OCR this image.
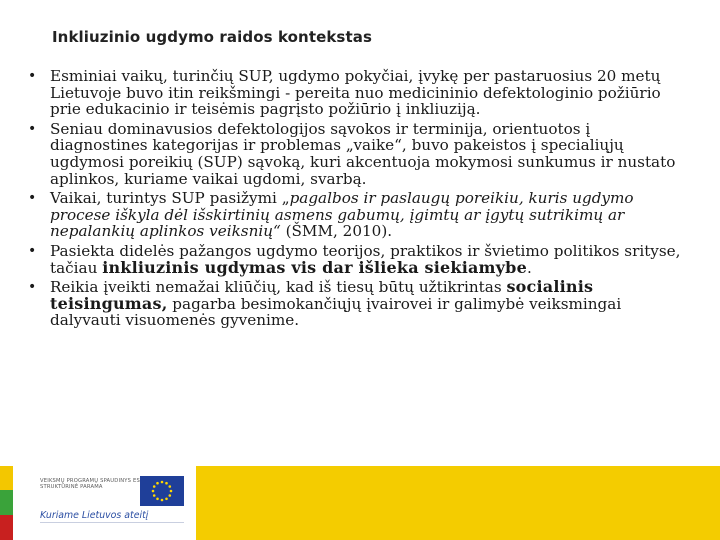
Inkliuzinio ugdymo raidos kontekstas
• Esminiai vaikų, turinčių SUP, ugdymo pokyčiai, įvykę per pastaruosius 20 metų Lietuvoje buvo itin reikšmingi - pereita nuo medicininio defektologinio požiūrio prie edukacinio ir teisėmis pagrįsto požiūrio į inkliuziją.
• Seniau dominavusios defektologijos sąvokos ir terminija, orientuotos į diagnostines kategorijas ir problemas „vaike“, buvo pakeistos į specialiųjų ugdymosi poreikių (SUP) sąvoką, kuri akcentuoja mokymosi sunkumus ir nustato aplinkos, kuriame vaikai ugdomi, svarbą.
• Vaikai, turintys SUP pasižymi „pagalbos ir paslaugų poreikiu, kuris ugdymo procese iškyla dėl išskirtinių asmens gabumų, įgimtų ar įgytų sutrikimų ar nepalankių aplinkos veiksnių“ (ŠMM, 2010).
• Pasiekta didelės pažangos ugdymo teorijos, praktikos ir švietimo politikos srityse, tačiau inkliuzinis ugdymas vis dar išlieka siekiamybe.
• Reikia įveikti nemažai kliūčių, kad iš tiesų būtų užtikrintas socialinis teisingumas, pagarba besimokančiųjų įvairovei ir galimybė veiksmingai dalyvauti visuomenės gyvenime.
VEIKSMŲ PROGRAMŲ SPAUDINYS ES STRUKTŪRINĖ PARAMA
Kuriame Lietuvos ateitį
